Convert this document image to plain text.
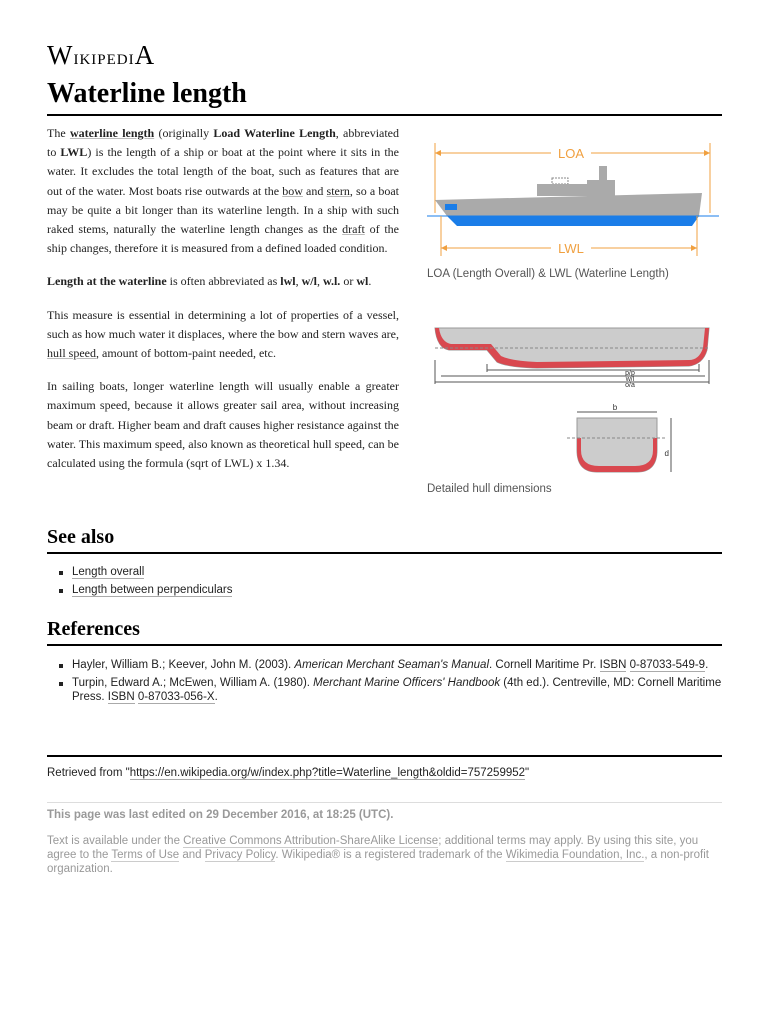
WikipediA
Waterline length

The waterline length (originally Load Waterline Length, abbreviated to LWL) is the length of a ship or boat at the point where it sits in the water. It excludes the total length of the boat, such as features that are out of the water. Most boats rise outwards at the bow and stern, so a boat may be quite a bit longer than its waterline length. In a ship with such raked stems, naturally the waterline length changes as the draft of the ship changes, therefore it is measured from a defined loaded condition.

Length at the waterline is often abbreviated as lwl, w/l, w.l. or wl.

This measure is essential in determining a lot of properties of a vessel, such as how much water it displaces, where the bow and stern waves are, hull speed, amount of bottom-paint needed, etc.

In sailing boats, longer waterline length will usually enable a greater maximum speed, because it allows greater sail area, without increasing beam or draft. Higher beam and draft causes higher resistance against the water. This maximum speed, also known as theoretical hull speed, can be calculated using the formula (sqrt of LWL) x 1.34.

LOA
LWL
LOA (Length Overall) & LWL (Waterline Length)
p/p
w/l
o/a
b
d
Detailed hull dimensions
See also
Length overall
Length between perpendiculars
References
Hayler, William B.; Keever, John M. (2003). American Merchant Seaman's Manual. Cornell Maritime Pr. ISBN 0-87033-549-9.
Turpin, Edward A.; McEwen, William A. (1980). Merchant Marine Officers' Handbook (4th ed.). Centreville, MD: Cornell Maritime Press. ISBN 0-87033-056-X.
Retrieved from "https://en.wikipedia.org/w/index.php?title=Waterline_length&oldid=757259952"
This page was last edited on 29 December 2016, at 18:25 (UTC).
Text is available under the Creative Commons Attribution-ShareAlike License; additional terms may apply. By using this site, you agree to the Terms of Use and Privacy Policy. Wikipedia® is a registered trademark of the Wikimedia Foundation, Inc., a non-profit organization.
